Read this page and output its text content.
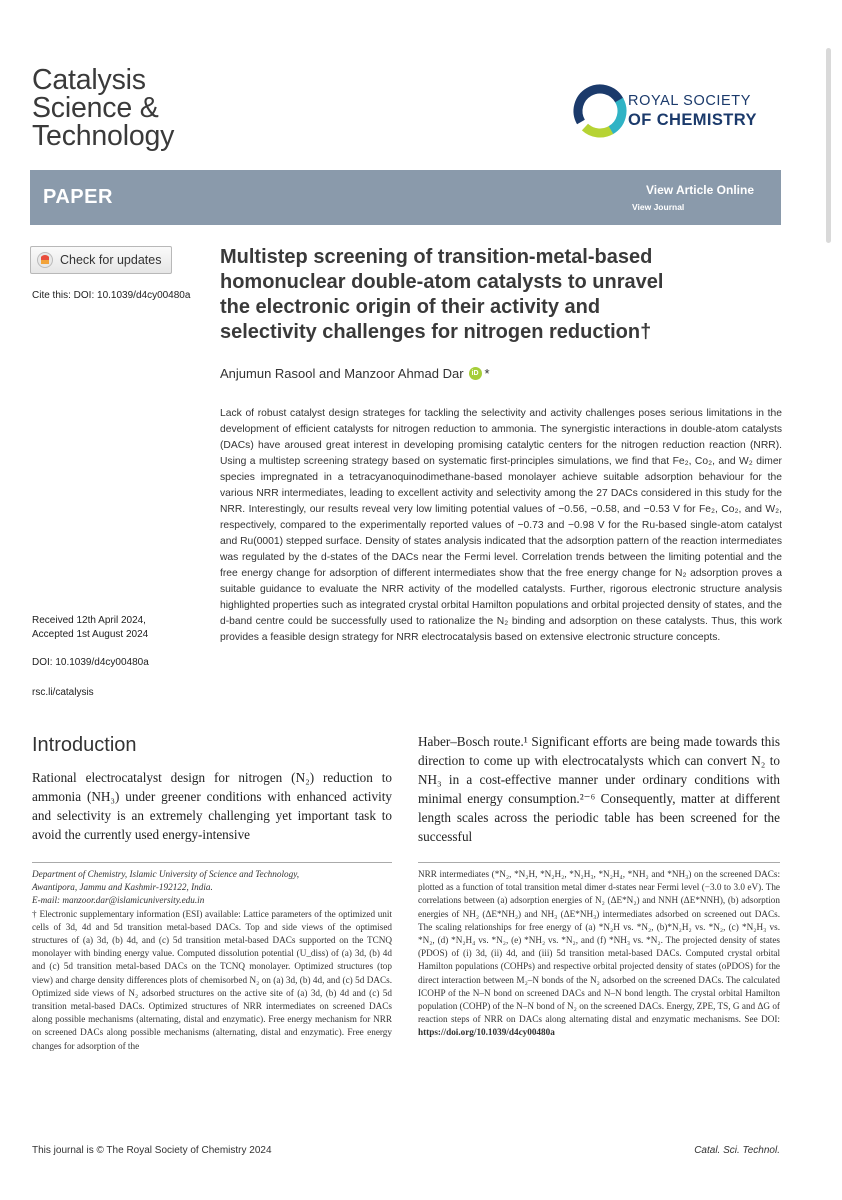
Catalysis
Science &
Technology
ROYAL SOCIETY
OF CHEMISTRY
PAPER	View Article Online
View Journal
Check for updates
Cite this: DOI: 10.1039/d4cy00480a
Multistep screening of transition-metal-based
homonuclear double-atom catalysts to unravel
the electronic origin of their activity and
selectivity challenges for nitrogen reduction†
Anjumun Rasool and Manzoor Ahmad Dar	iD *

Lack of robust catalyst design strateges for tackling the selectivity and activity challenges poses serious limitations in the development of efficient catalysts for nitrogen reduction to ammonia. The synergistic interactions in double-atom catalysts (DACs) have aroused great interest in developing promising catalytic centers for the nitrogen reduction reaction (NRR). Using a multistep screening strategy based on systematic first-principles simulations, we find that Fe₂, Co₂, and W₂ dimer species impregnated in a tetracyanoquinodimethane-based monolayer achieve suitable adsorption behaviour for the various NRR intermediates, leading to excellent activity and selectivity among the 27 DACs considered in this study for the NRR. Interestingly, our results reveal very low limiting potential values of −0.56, −0.58, and −0.53 V for Fe₂, Co₂, and W₂, respectively, compared to the experimentally reported values of −0.73 and −0.98 V for the Ru-based single-atom catalyst and Ru(0001) stepped surface. Density of states analysis indicated that the adsorption pattern of the reaction intermediates was regulated by the d-states of the DACs near the Fermi level. Correlation trends between the limiting potential and the free energy change for adsorption of different intermediates show that the free energy change for N₂ adsorption proves a suitable guidance to evaluate the NRR activity of the modelled catalysts. Further, rigorous electronic structure analysis highlighted properties such as integrated crystal orbital Hamilton populations and orbital projected density of states, and the d-band centre could be successfully used to rationalize the N₂ binding and adsorption on these catalysts. Thus, this work provides a feasible design strategy for NRR electrocatalysis based on extensive electronic structure concepts.

Received 12th April 2024,
Accepted 1st August 2024
DOI: 10.1039/d4cy00480a
rsc.li/catalysis
Introduction

Rational electrocatalyst design for nitrogen (N₂) reduction to ammonia (NH₃) under greener conditions with enhanced activity and selectivity is an extremely challenging yet important task to avoid the currently used energy-intensive

Haber–Bosch route.¹ Significant efforts are being made towards this direction to come up with electrocatalysts which can convert N₂ to NH₃ in a cost-effective manner under ordinary conditions with minimal energy consumption.²⁻⁶ Consequently, matter at different length scales across the periodic table has been screened for the successful

Department of Chemistry, Islamic University of Science and Technology,

Awantipora, Jammu and Kashmir-192122, India.

E-mail: manzoor.dar@islamicuniversity.edu.in

† Electronic supplementary information (ESI) available: Lattice parameters of the optimized unit cells of 3d, 4d and 5d transition metal-based DACs. Top and side views of the optimised structures of (a) 3d, (b) 4d, and (c) 5d transition metal-based DACs supported on the TCNQ monolayer with binding energy value. Computed dissolution potential (U_diss) of (a) 3d, (b) 4d and (c) 5d transition metal-based DACs on the TCNQ monolayer. Optimized structures (top view) and charge density differences plots of chemisorbed N₂ on (a) 3d, (b) 4d, and (c) 5d DACs. Optimized side views of N₂ adsorbed structures on the active site of (a) 3d, (b) 4d and (c) 5d transition metal-based DACs. Optimized structures of NRR intermediates on screened DACs along possible mechanisms (alternating, distal and enzymatic). Free energy mechanism for NRR on screened DACs along possible mechanisms (alternating, distal and enzymatic). Free energy changes for adsorption of the

NRR intermediates (*N₂, *N₂H, *N₂H₂, *N₂H₃, *N₂H₄, *NH₂ and *NH₃) on the screened DACs: plotted as a function of total transition metal dimer d-states near Fermi level (−3.0 to 3.0 eV). The correlations between (a) adsorption energies of N₂ (ΔE*N₂) and NNH (ΔE*NNH), (b) adsorption energies of NH₂ (ΔE*NH₂) and NH₃ (ΔE*NH₃) intermediates adsorbed on screened out DACs. The scaling relationships for free energy of (a) *N₂H vs. *N₂, (b)*N₂H₂ vs. *N₂, (c) *N₂H₃ vs. *N₂, (d) *N₂H₄ vs. *N₂, (e) *NH₂ vs. *N₂, and (f) *NH₃ vs. *N₂. The projected density of states (PDOS) of (i) 3d, (ii) 4d, and (iii) 5d transition metal-based DACs. Computed crystal orbital Hamilton populations (COHPs) and respective orbital projected density of states (oPDOS) for the direct interaction between M₂–N bonds of the N₂ adsorbed on the screened DACs. The calculated ICOHP of the N–N bond on screened DACs and N–N bond length. The crystal orbital Hamilton population (COHP) of the N–N bond of N₂ on the screened DACs. Energy, ZPE, TS, G and ΔG of reaction steps of NRR on DACs along alternating distal and enzymatic mechanisms. See DOI: https://doi.org/10.1039/d4cy00480a

This journal is © The Royal Society of Chemistry 2024	Catal. Sci. Technol.
